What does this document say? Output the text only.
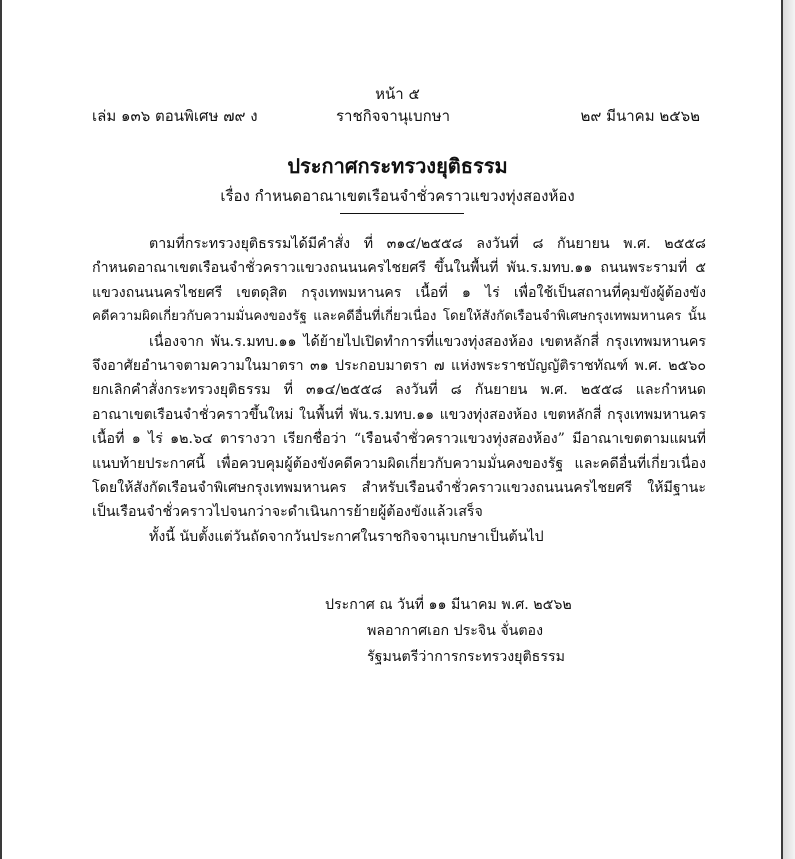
หน้า ๕
เล่ม ๑๓๖ ตอนพิเศษ ๗๙ ง	ราชกิจจานุเบกษา	๒๙ มีนาคม ๒๕๖๒
ประกาศกระทรวงยุติธรรม
เรื่อง กำหนดอาณาเขตเรือนจำชั่วคราวแขวงทุ่งสองห้อง
ตามที่กระทรวงยุติธรรมได้มีคำสั่ง ที่ ๓๑๔/๒๕๕๘ ลงวันที่ ๘ กันยายน พ.ศ. ๒๕๕๘
กำหนดอาณาเขตเรือนจำชั่วคราวแขวงถนนนครไชยศรี ขึ้นในพื้นที่ พัน.ร.มทบ.๑๑ ถนนพระรามที่ ๕
แขวงถนนนครไชยศรี เขตดุสิต กรุงเทพมหานคร เนื้อที่ ๑ ไร่ เพื่อใช้เป็นสถานที่คุมขังผู้ต้องขัง
คดีความผิดเกี่ยวกับความมั่นคงของรัฐ และคดีอื่นที่เกี่ยวเนื่อง โดยให้สังกัดเรือนจำพิเศษกรุงเทพมหานคร นั้น
เนื่องจาก พัน.ร.มทบ.๑๑ ได้ย้ายไปเปิดทำการที่แขวงทุ่งสองห้อง เขตหลักสี่ กรุงเทพมหานคร
จึงอาศัยอำนาจตามความในมาตรา ๓๑ ประกอบมาตรา ๗ แห่งพระราชบัญญัติราชทัณฑ์ พ.ศ. ๒๕๖๐
ยกเลิกคำสั่งกระทรวงยุติธรรม ที่ ๓๑๔/๒๕๕๘ ลงวันที่ ๘ กันยายน พ.ศ. ๒๕๕๘ และกำหนด
อาณาเขตเรือนจำชั่วคราวขึ้นใหม่ ในพื้นที่ พัน.ร.มทบ.๑๑ แขวงทุ่งสองห้อง เขตหลักสี่ กรุงเทพมหานคร
เนื้อที่ ๑ ไร่ ๑๒.๖๔ ตารางวา เรียกชื่อว่า “เรือนจำชั่วคราวแขวงทุ่งสองห้อง” มีอาณาเขตตามแผนที่
แนบท้ายประกาศนี้ เพื่อควบคุมผู้ต้องขังคดีความผิดเกี่ยวกับความมั่นคงของรัฐ และคดีอื่นที่เกี่ยวเนื่อง
โดยให้สังกัดเรือนจำพิเศษกรุงเทพมหานคร สำหรับเรือนจำชั่วคราวแขวงถนนนครไชยศรี ให้มีฐานะ
เป็นเรือนจำชั่วคราวไปจนกว่าจะดำเนินการย้ายผู้ต้องขังแล้วเสร็จ
ทั้งนี้ นับตั้งแต่วันถัดจากวันประกาศในราชกิจจานุเบกษาเป็นต้นไป
ประกาศ ณ วันที่ ๑๑ มีนาคม พ.ศ. ๒๕๖๒
พลอากาศเอก ประจิน จั่นตอง
รัฐมนตรีว่าการกระทรวงยุติธรรม
